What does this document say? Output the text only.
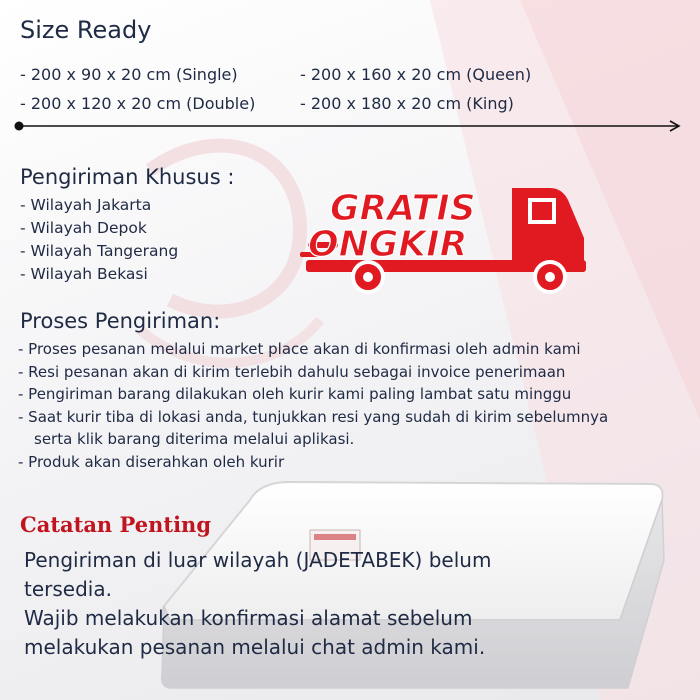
Size Ready
- 200 x 90 x 20 cm (Single)
- 200 x 120 x 20 cm (Double)
- 200 x 160 x 20 cm (Queen)
- 200 x 180 x 20 cm (King)
Pengiriman Khusus :
- Wilayah Jakarta
- Wilayah Depok
- Wilayah Tangerang
- Wilayah Bekasi
GRATIS
ONGKIR
Proses Pengiriman:
- Proses pesanan melalui market place akan di konfirmasi oleh admin kami
- Resi pesanan akan di kirim terlebih dahulu sebagai invoice penerimaan
- Pengiriman barang dilakukan oleh kurir kami paling lambat satu minggu
- Saat kurir tiba di lokasi anda, tunjukkan resi yang sudah di kirim sebelumnya
serta klik barang diterima melalui aplikasi.
- Produk akan diserahkan oleh kurir
Catatan Penting
Pengiriman di luar wilayah (JADETABEK) belum
tersedia.
Wajib melakukan konfirmasi alamat sebelum
melakukan pesanan melalui chat admin kami.
